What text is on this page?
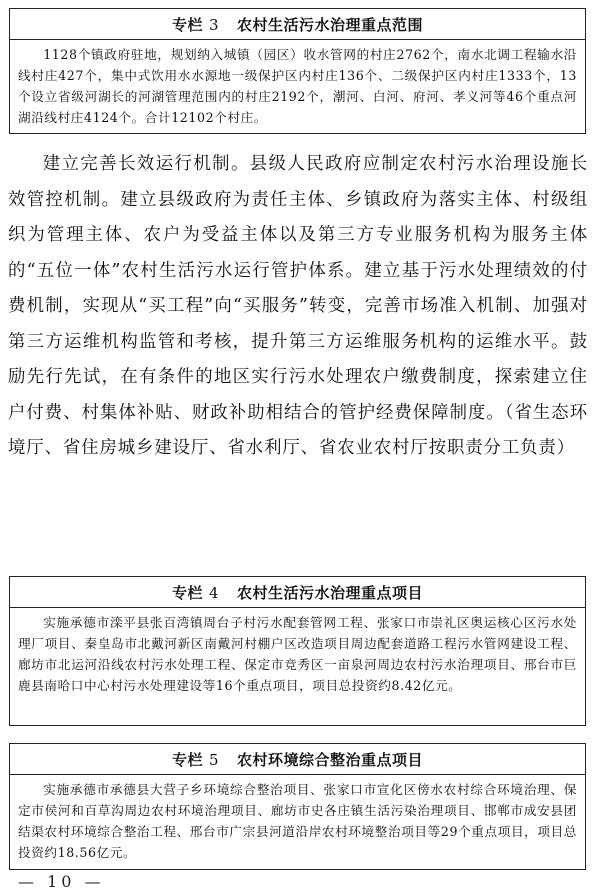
专栏 3 农村生活污水治理重点范围
1128个镇政府驻地，规划纳入城镇（园区）收水管网的村庄2762个，南水北调工程输水沿线村庄427个，集中式饮用水水源地一级保护区内村庄136个、二级保护区内村庄1333个，13个设立省级河湖长的河湖管理范围内的村庄2192个，潮河、白河、府河、孝义河等46个重点河湖沿线村庄4124个。合计12102个村庄。
建立完善长效运行机制。县级人民政府应制定农村污水治理设施长效管控机制。建立县级政府为责任主体、乡镇政府为落实主体、村级组织为管理主体、农户为受益主体以及第三方专业服务机构为服务主体的“五位一体”农村生活污水运行管护体系。建立基于污水处理绩效的付费机制，实现从“买工程”向“买服务”转变，完善市场准入机制、加强对第三方运维机构监管和考核，提升第三方运维服务机构的运维水平。鼓励先行先试，在有条件的地区实行污水处理农户缴费制度，探索建立住户付费、村集体补贴、财政补助相结合的管护经费保障制度。（省生态环境厅、省住房城乡建设厅、省水利厅、省农业农村厅按职责分工负责）
专栏 4 农村生活污水治理重点项目
实施承德市滦平县张百湾镇周台子村污水配套管网工程、张家口市崇礼区奥运核心区污水处理厂项目、秦皇岛市北戴河新区南戴河村棚户区改造项目周边配套道路工程污水管网建设工程、廊坊市北运河沿线农村污水处理工程、保定市竞秀区一亩泉河周边农村污水治理项目、邢台市巨鹿县南哈口中心村污水处理建设等16个重点项目，项目总投资约8.42亿元。
专栏 5 农村环境综合整治重点项目
实施承德市承德县大营子乡环境综合整治项目、张家口市宣化区傍水农村综合环境治理、保定市侯河和百草沟周边农村环境治理项目、廊坊市史各庄镇生活污染治理项目、邯郸市成安县团结渠农村环境综合整治工程、邢台市广宗县河道沿岸农村环境整治项目等29个重点项目，项目总投资约18.56亿元。
— 10 —
